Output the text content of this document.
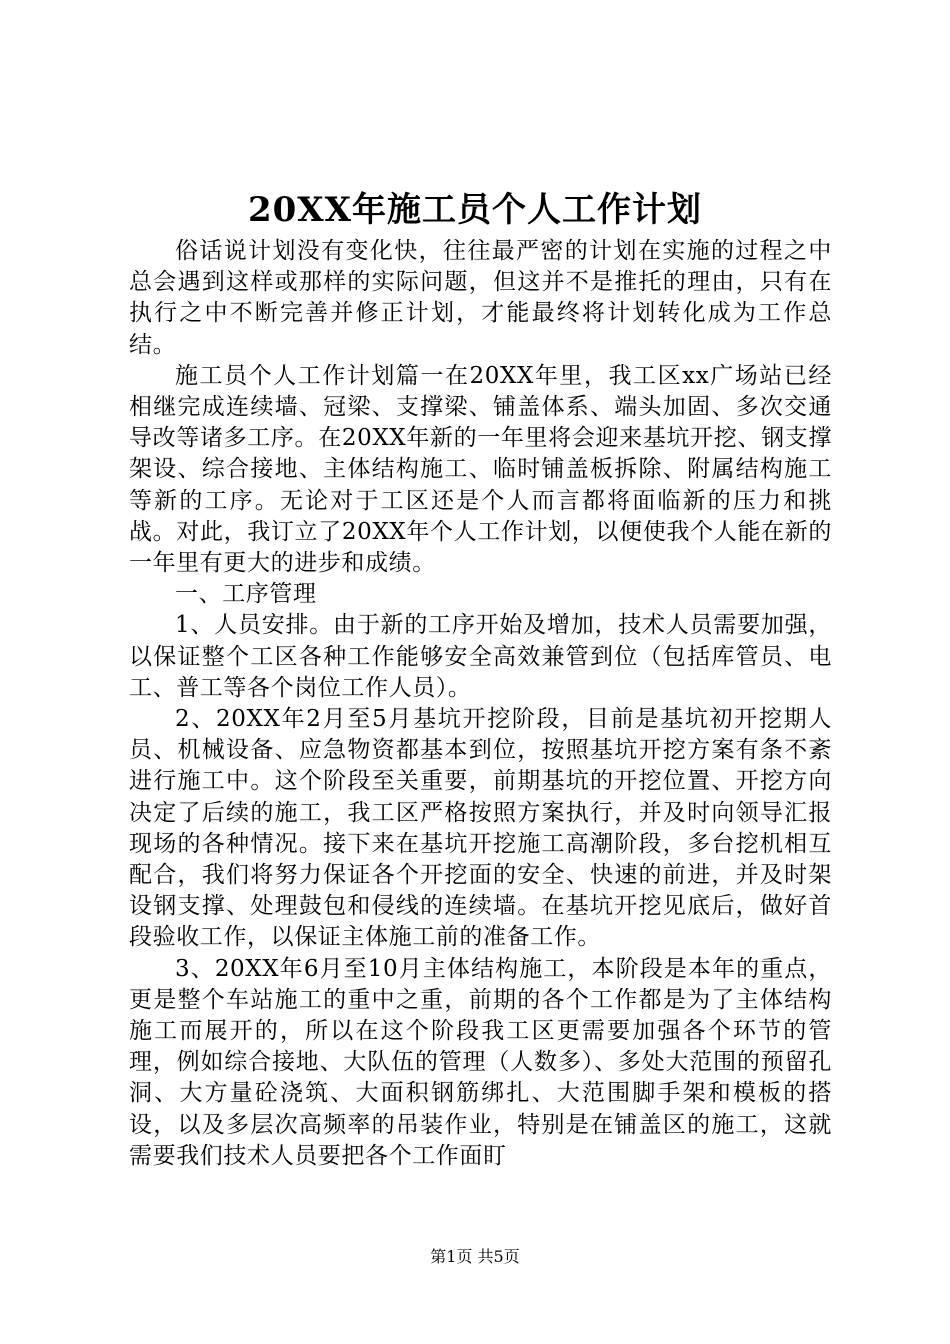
20XX年施工员个人工作计划

俗话说计划没有变化快，往往最严密的计划在实施的过程之中总会遇到这样或那样的实际问题，但这并不是推托的理由，只有在执行之中不断完善并修正计划，才能最终将计划转化成为工作总结。

施工员个人工作计划篇一在20XX年里，我工区xx广场站已经相继完成连续墙、冠梁、支撑梁、铺盖体系、端头加固、多次交通导改等诸多工序。在20XX年新的一年里将会迎来基坑开挖、钢支撑架设、综合接地、主体结构施工、临时铺盖板拆除、附属结构施工等新的工序。无论对于工区还是个人而言都将面临新的压力和挑战。对此，我订立了20XX年个人工作计划，以便使我个人能在新的一年里有更大的进步和成绩。

一、工序管理

1、人员安排。由于新的工序开始及增加，技术人员需要加强，以保证整个工区各种工作能够安全高效兼管到位（包括库管员、电工、普工等各个岗位工作人员）。

2、20XX年2月至5月基坑开挖阶段，目前是基坑初开挖期人员、机械设备、应急物资都基本到位，按照基坑开挖方案有条不紊进行施工中。这个阶段至关重要，前期基坑的开挖位置、开挖方向决定了后续的施工，我工区严格按照方案执行，并及时向领导汇报现场的各种情况。接下来在基坑开挖施工高潮阶段，多台挖机相互配合，我们将努力保证各个开挖面的安全、快速的前进，并及时架设钢支撑、处理鼓包和侵线的连续墙。在基坑开挖见底后，做好首段验收工作，以保证主体施工前的准备工作。

3、20XX年6月至10月主体结构施工，本阶段是本年的重点，更是整个车站施工的重中之重，前期的各个工作都是为了主体结构施工而展开的，所以在这个阶段我工区更需要加强各个环节的管理，例如综合接地、大队伍的管理（人数多）、多处大范围的预留孔洞、大方量砼浇筑、大面积钢筋绑扎、大范围脚手架和模板的搭设，以及多层次高频率的吊装作业，特别是在铺盖区的施工，这就需要我们技术人员要把各个工作面盯

第1页 共5页
